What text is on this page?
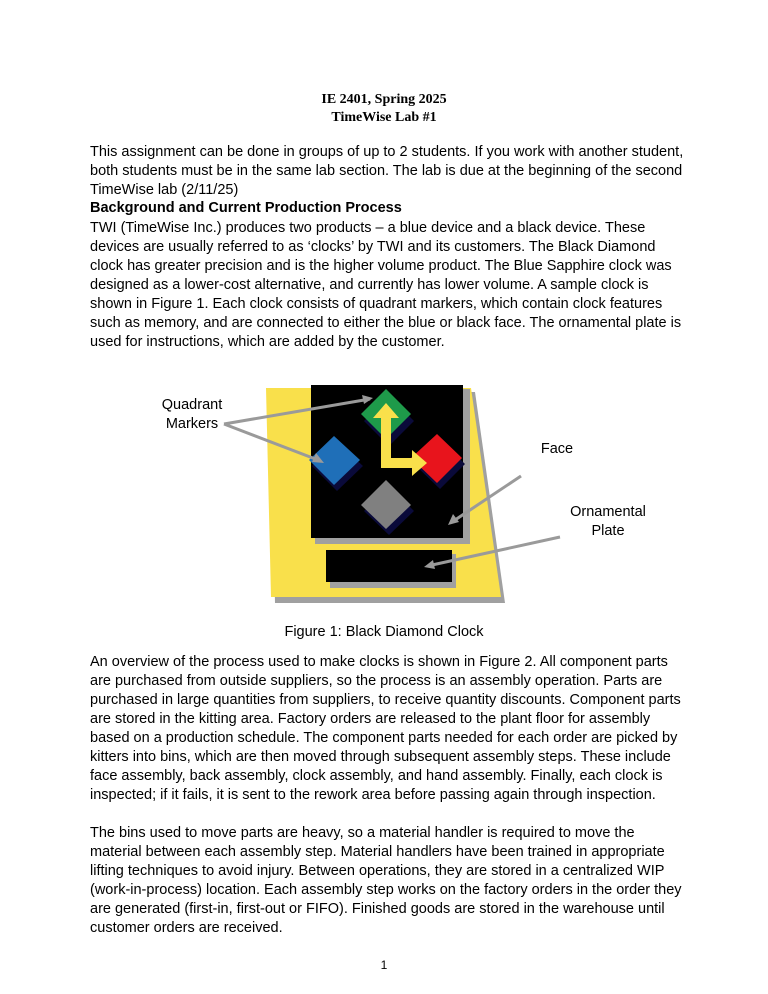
IE 2401, Spring 2025
TimeWise Lab #1

This assignment can be done in groups of up to 2 students. If you work with another student, both students must be in the same lab section. The lab is due at the beginning of the second TimeWise lab (2/11/25)

Background and Current Production Process

TWI (TimeWise Inc.) produces two products – a blue device and a black device. These devices are usually referred to as ‘clocks’ by TWI and its customers. The Black Diamond clock has greater precision and is the higher volume product. The Blue Sapphire clock was designed as a lower-cost alternative, and currently has lower volume. A sample clock is shown in Figure 1. Each clock consists of quadrant markers, which contain clock features such as memory, and are connected to either the blue or black face. The ornamental plate is used for instructions, which are added by the customer.

Quadrant
Markers
Face
Ornamental
Plate
Figure 1: Black Diamond Clock

An overview of the process used to make clocks is shown in Figure 2. All component parts are purchased from outside suppliers, so the process is an assembly operation. Parts are purchased in large quantities from suppliers, to receive quantity discounts. Component parts are stored in the kitting area. Factory orders are released to the plant floor for assembly based on a production schedule. The component parts needed for each order are picked by kitters into bins, which are then moved through subsequent assembly steps. These include face assembly, back assembly, clock assembly, and hand assembly. Finally, each clock is inspected; if it fails, it is sent to the rework area before passing again through inspection.

The bins used to move parts are heavy, so a material handler is required to move the material between each assembly step. Material handlers have been trained in appropriate lifting techniques to avoid injury. Between operations, they are stored in a centralized WIP (work-in-process) location. Each assembly step works on the factory orders in the order they are generated (first-in, first-out or FIFO). Finished goods are stored in the warehouse until customer orders are received.

1
